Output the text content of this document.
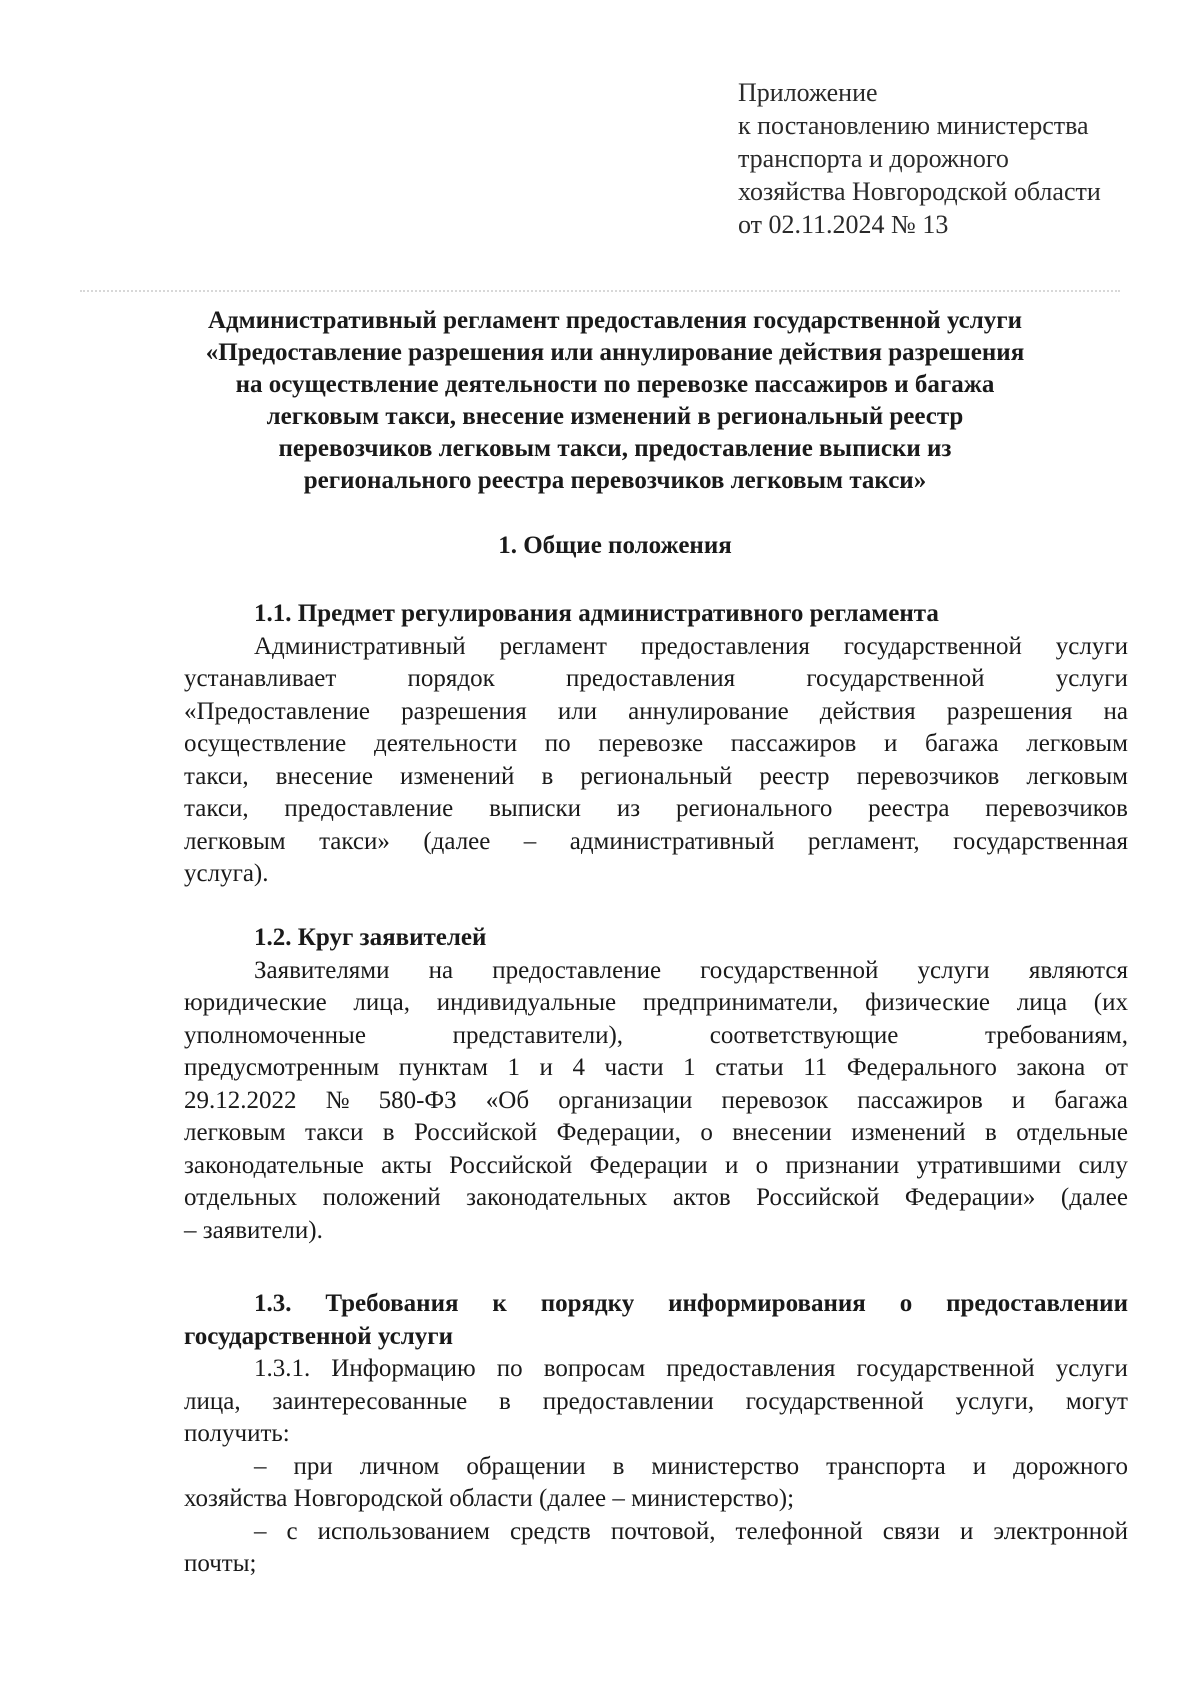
Приложение
к постановлению министерства
транспорта и дорожного
хозяйства Новгородской области
от 02.11.2024 № 13
Административный регламент предоставления государственной услуги
«Предоставление разрешения или аннулирование действия разрешения
на осуществление деятельности по перевозке пассажиров и багажа
легковым такси, внесение изменений в региональный реестр
перевозчиков легковым такси, предоставление выписки из
регионального реестра перевозчиков легковым такси»
1. Общие положения
1.1. Предмет регулирования административного регламента
Административный регламент предоставления государственной услуги
устанавливает	порядок	предоставления	государственной	услуги
«Предоставление разрешения или аннулирование действия разрешения на
осуществление деятельности по перевозке пассажиров и багажа легковым
такси, внесение изменений в региональный реестр перевозчиков легковым
такси, предоставление выписки из регионального реестра перевозчиков
легковым такси» (далее – административный регламент, государственная
услуга).
1.2. Круг заявителей
Заявителями на предоставление государственной услуги являются
юридические лица, индивидуальные предприниматели, физические лица (их
уполномоченные	представители),	соответствующие	требованиям,
предусмотренным пунктам 1 и 4 части 1 статьи 11 Федерального закона от
29.12.2022 № 580-ФЗ «Об организации перевозок пассажиров и багажа
легковым такси в Российской Федерации, о внесении изменений в отдельные
законодательные акты Российской Федерации и о признании утратившими силу
отдельных положений законодательных актов Российской Федерации» (далее
– заявители).
1.3. Требования к порядку информирования о предоставлении
государственной услуги
1.3.1. Информацию по вопросам предоставления государственной услуги
лица, заинтересованные в предоставлении государственной услуги, могут
получить:
– при личном обращении в министерство транспорта и дорожного
хозяйства Новгородской области (далее – министерство);
– с использованием средств почтовой, телефонной связи и электронной
почты;
